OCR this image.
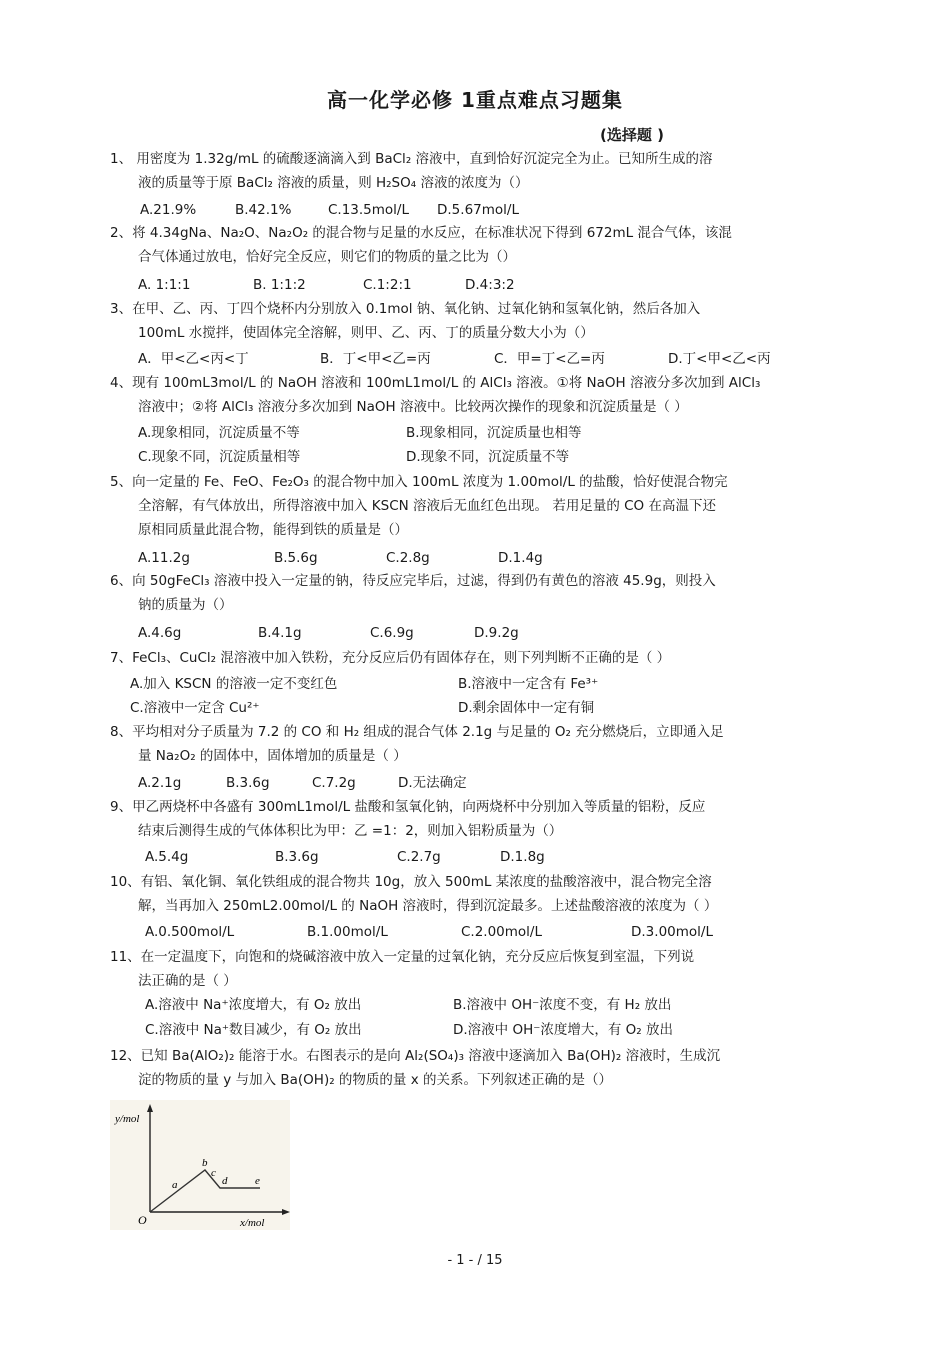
高一化学必修 1重点难点习题集
(选择题 )
1、 用密度为 1.32g/mL 的硫酸逐滴滴入到 BaCl₂ 溶液中，直到恰好沉淀完全为止。已知所生成的溶
液的质量等于原 BaCl₂ 溶液的质量，则 H₂SO₄ 溶液的浓度为（）
A.21.9%	B.42.1%	C.13.5mol/L D.5.67mol/L
2、将 4.34gNa、Na₂O、Na₂O₂ 的混合物与足量的水反应，在标准状况下得到 672mL 混合气体，该混
合气体通过放电，恰好完全反应，则它们的物质的量之比为（）
A. 1:1:1	B. 1:1:2	C.1:2:1	D.4:3:2
3、在甲、乙、丙、丁四个烧杯内分别放入 0.1mol 钠、氧化钠、过氧化钠和氢氧化钠，然后各加入
100mL 水搅拌，使固体完全溶解，则甲、乙、丙、丁的质量分数大小为（）
A．甲<乙<丙<丁	B．丁<甲<乙=丙	C．甲=丁<乙=丙	D.丁<甲<乙<丙
4、现有 100mL3mol/L 的 NaOH 溶液和 100mL1mol/L 的 AlCl₃ 溶液。①将 NaOH 溶液分多次加到 AlCl₃
溶液中；②将 AlCl₃ 溶液分多次加到 NaOH 溶液中。比较两次操作的现象和沉淀质量是（ ）
A.现象相同，沉淀质量不等	B.现象相同，沉淀质量也相等
C.现象不同，沉淀质量相等	D.现象不同，沉淀质量不等
5、向一定量的 Fe、FeO、Fe₂O₃ 的混合物中加入 100mL 浓度为 1.00mol/L 的盐酸，恰好使混合物完
全溶解，有气体放出，所得溶液中加入 KSCN 溶液后无血红色出现。 若用足量的 CO 在高温下还
原相同质量此混合物，能得到铁的质量是（）
A.11.2g	B.5.6g	C.2.8g	D.1.4g
6、向 50gFeCl₃ 溶液中投入一定量的钠，待反应完毕后，过滤，得到仍有黄色的溶液 45.9g，则投入
钠的质量为（）
A.4.6g	B.4.1g	C.6.9g	D.9.2g
7、FeCl₃、CuCl₂ 混溶液中加入铁粉，充分反应后仍有固体存在，则下列判断不正确的是（ ）
A.加入 KSCN 的溶液一定不变红色	B.溶液中一定含有 Fe³⁺
C.溶液中一定含 Cu²⁺	D.剩余固体中一定有铜
8、平均相对分子质量为 7.2 的 CO 和 H₂ 组成的混合气体 2.1g 与足量的 O₂ 充分燃烧后，立即通入足
量 Na₂O₂ 的固体中，固体增加的质量是（ ）
A.2.1g	B.3.6g	C.7.2g	D.无法确定
9、甲乙两烧杯中各盛有 300mL1mol/L 盐酸和氢氧化钠，向两烧杯中分别加入等质量的铝粉，反应
结束后测得生成的气体体积比为甲：乙 =1：2，则加入铝粉质量为（）
A.5.4g	B.3.6g	C.2.7g	D.1.8g
10、有铝、氧化铜、氧化铁组成的混合物共 10g，放入 500mL 某浓度的盐酸溶液中，混合物完全溶
解，当再加入 250mL2.00mol/L 的 NaOH 溶液时，得到沉淀最多。上述盐酸溶液的浓度为（ ）
A.0.500mol/L	B.1.00mol/L	C.2.00mol/L	D.3.00mol/L
11、在一定温度下，向饱和的烧碱溶液中放入一定量的过氧化钠，充分反应后恢复到室温，下列说
法正确的是（ ）
A.溶液中 Na⁺浓度增大，有 O₂ 放出	B.溶液中 OH⁻浓度不变，有 H₂ 放出
C.溶液中 Na⁺数目减少，有 O₂ 放出	D.溶液中 OH⁻浓度增大，有 O₂ 放出
12、已知 Ba(AlO₂)₂ 能溶于水。右图表示的是向 Al₂(SO₄)₃ 溶液中逐滴加入 Ba(OH)₂ 溶液时，生成沉
淀的物质的量 y 与加入 Ba(OH)₂ 的物质的量 x 的关系。下列叙述正确的是（）
y/mol
x/mol
O
a
b
c
d	e
- 1 - / 15
